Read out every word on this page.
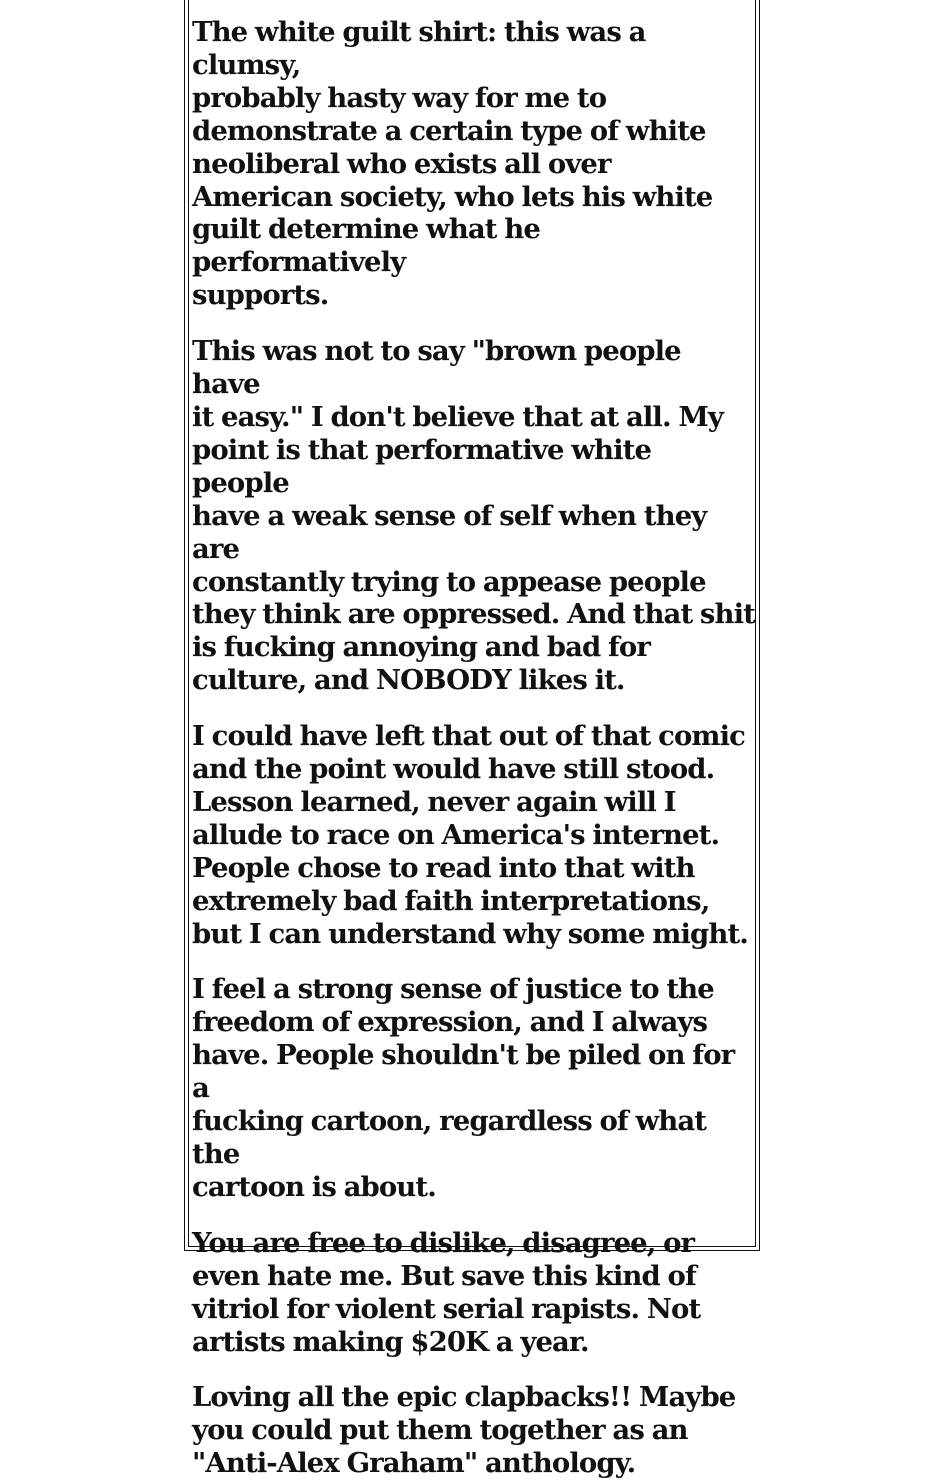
The white guilt shirt: this was a clumsy,
probably hasty way for me to
demonstrate a certain type of white
neoliberal who exists all over
American society, who lets his white
guilt determine what he performatively
supports.

This was not to say "brown people have
it easy." I don't believe that at all. My
point is that performative white people
have a weak sense of self when they are
constantly trying to appease people
they think are oppressed. And that shit
is fucking annoying and bad for
culture, and NOBODY likes it.

I could have left that out of that comic
and the point would have still stood.
Lesson learned, never again will I
allude to race on America's internet.
People chose to read into that with
extremely bad faith interpretations,
but I can understand why some might.

I feel a strong sense of justice to the
freedom of expression, and I always
have. People shouldn't be piled on for a
fucking cartoon, regardless of what the
cartoon is about.

You are free to dislike, disagree, or
even hate me. But save this kind of
vitriol for violent serial rapists. Not
artists making $20K a year.

Loving all the epic clapbacks!! Maybe
you could put them together as an
"Anti-Alex Graham" anthology.
